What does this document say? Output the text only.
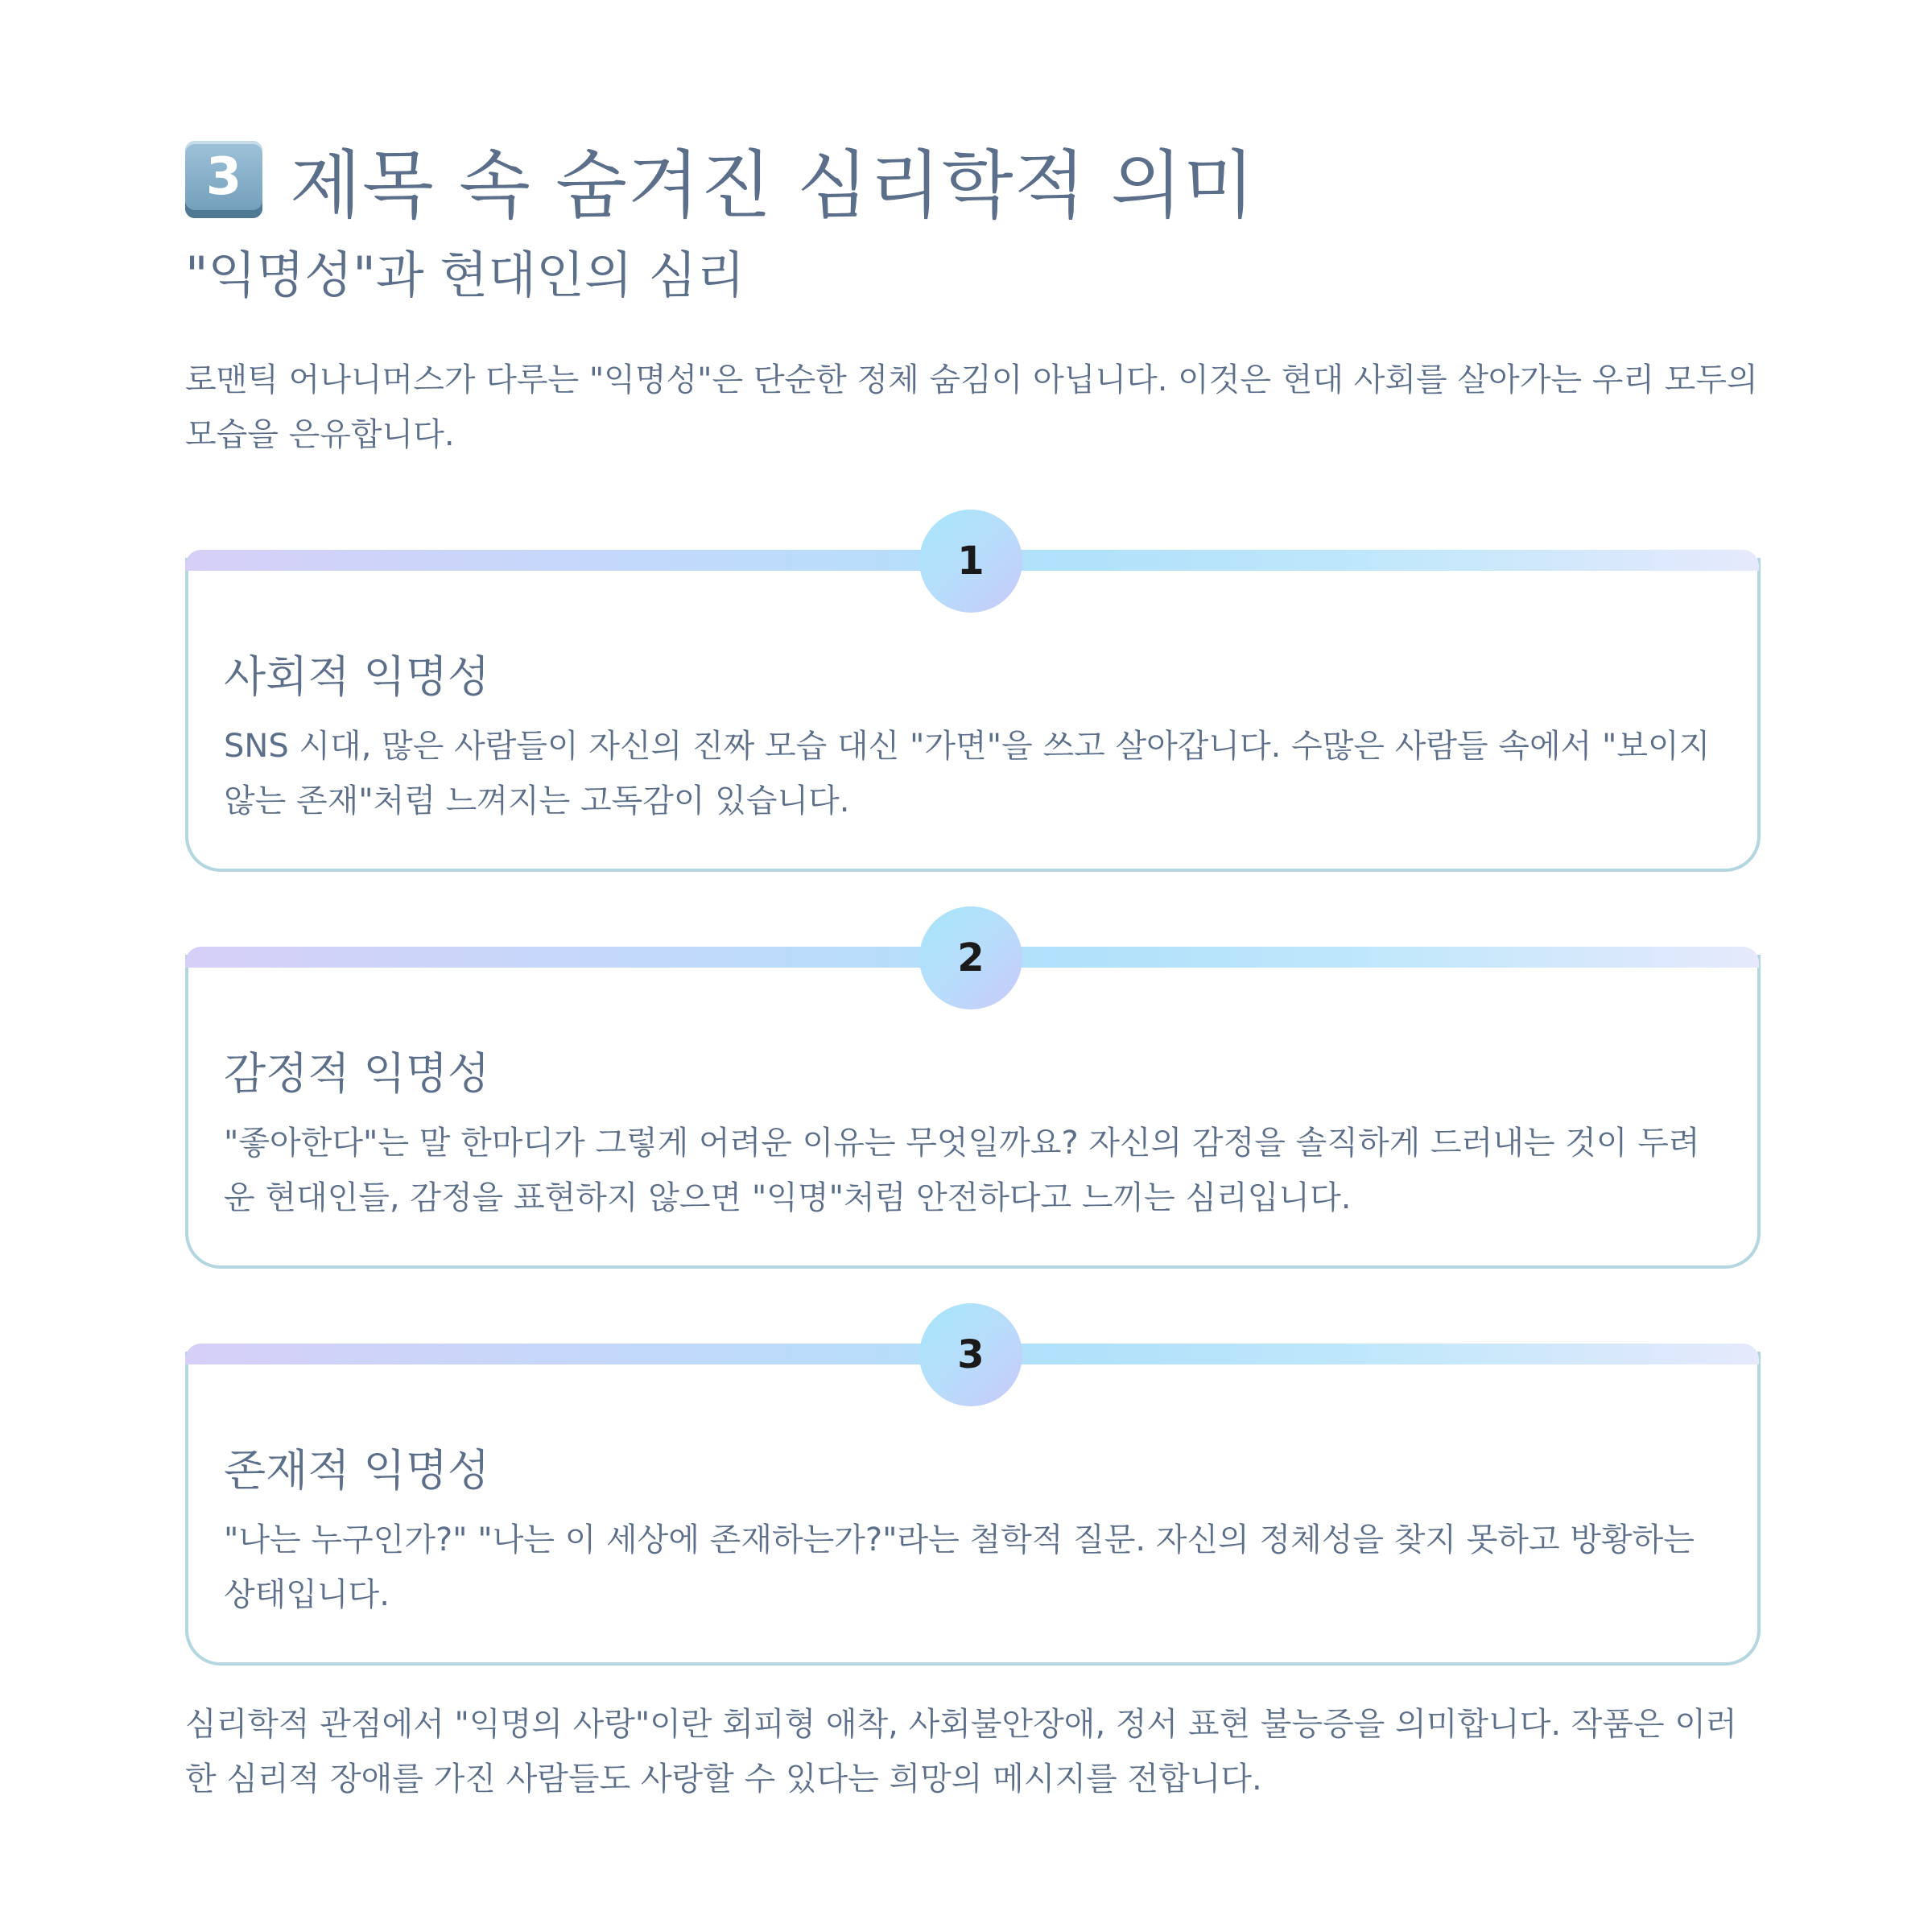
3 제목 속 숨겨진 심리학적 의미
"익명성"과 현대인의 심리
로맨틱 어나니머스가 다루는 "익명성"은 단순한 정체 숨김이 아닙니다. 이것은 현대 사회를 살아가는 우리 모두의 모습을 은유합니다.
1
사회적 익명성
SNS 시대, 많은 사람들이 자신의 진짜 모습 대신 "가면"을 쓰고 살아갑니다. 수많은 사람들 속에서 "보이지 않는 존재"처럼 느껴지는 고독감이 있습니다.
2
감정적 익명성
"좋아한다"는 말 한마디가 그렇게 어려운 이유는 무엇일까요? 자신의 감정을 솔직하게 드러내는 것이 두려운 현대인들, 감정을 표현하지 않으면 "익명"처럼 안전하다고 느끼는 심리입니다.
3
존재적 익명성
"나는 누구인가?" "나는 이 세상에 존재하는가?"라는 철학적 질문. 자신의 정체성을 찾지 못하고 방황하는 상태입니다.
심리학적 관점에서 "익명의 사랑"이란 회피형 애착, 사회불안장애, 정서 표현 불능증을 의미합니다. 작품은 이러한 심리적 장애를 가진 사람들도 사랑할 수 있다는 희망의 메시지를 전합니다.
